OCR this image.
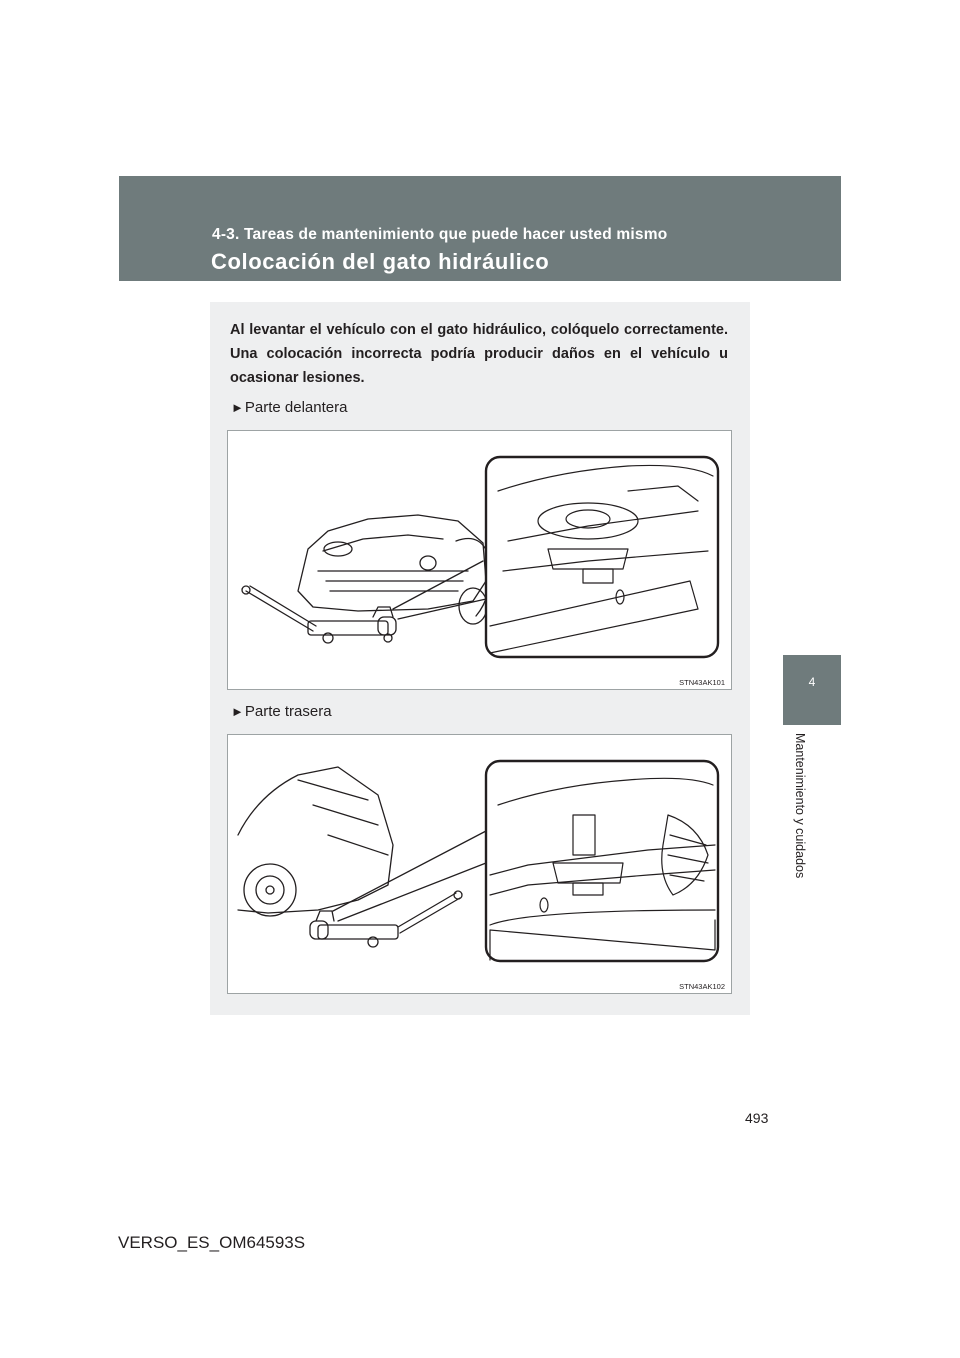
4-3. Tareas de mantenimiento que puede hacer usted mismo
Colocación del gato hidráulico
4
Mantenimiento y cuidados

Al levantar el vehículo con el gato hidráulico, colóquelo correctamente. Una colocación incorrecta podría producir daños en el vehículo u ocasionar lesiones.

►Parte delantera
STN43AK101
►Parte trasera
STN43AK102
493
VERSO_ES_OM64593S
